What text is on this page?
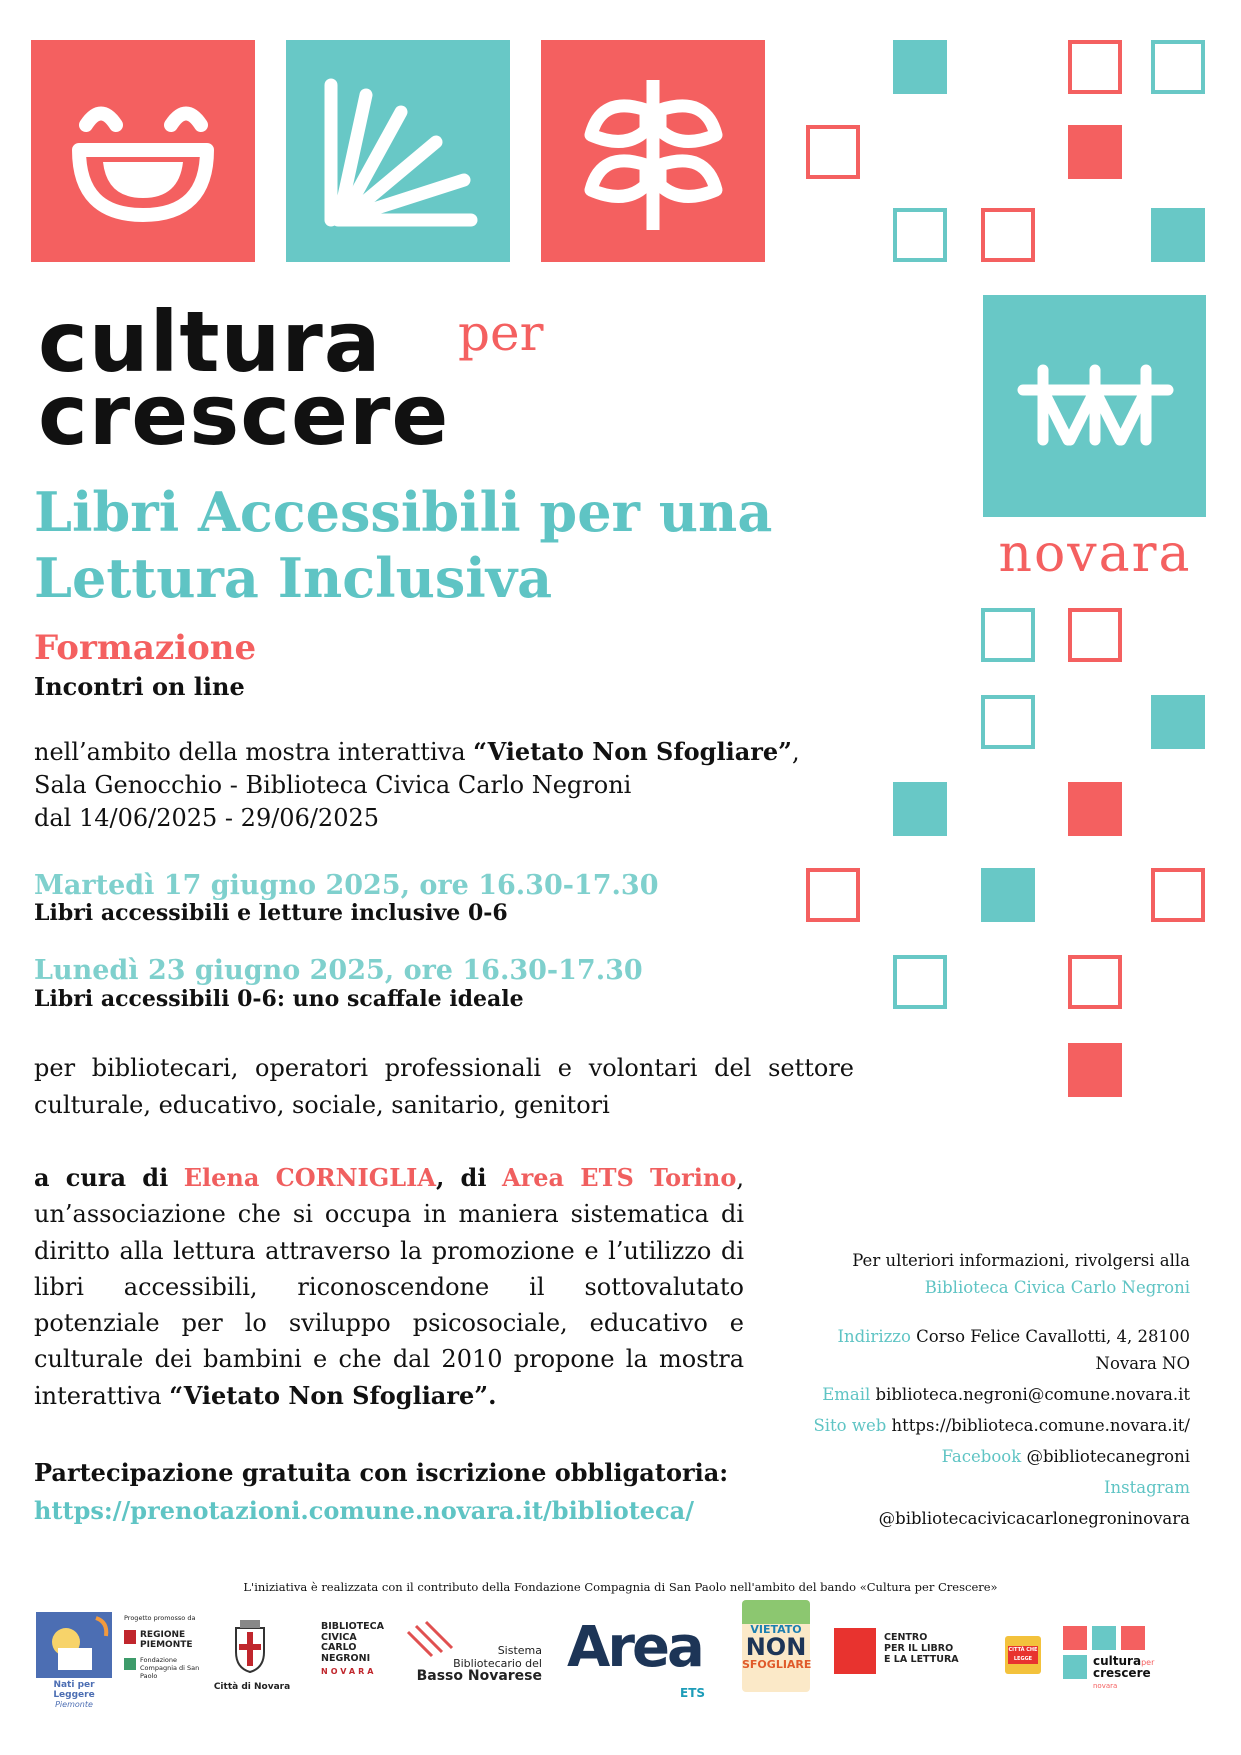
novara
cultura per
crescere
Libri Accessibili per una
Lettura Inclusiva
Formazione
Incontri on line
nell’ambito della mostra interattiva “Vietato Non Sfogliare”,
Sala Genocchio - Biblioteca Civica Carlo Negroni
dal 14/06/2025 - 29/06/2025
Martedì 17 giugno 2025, ore 16.30-17.30
Libri accessibili e letture inclusive 0-6
Lunedì 23 giugno 2025, ore 16.30-17.30
Libri accessibili 0-6: uno scaffale ideale
per bibliotecari, operatori professionali e volontari del settore culturale, educativo, sociale, sanitario, genitori
a cura di Elena CORNIGLIA, di Area ETS Torino, un’associazione che si occupa in maniera sistematica di diritto alla lettura attraverso la promozione e l’utilizzo di libri accessibili, riconoscendone il sottovalutato potenziale per lo sviluppo psicosociale, educativo e culturale dei bambini e che dal 2010 propone la mostra interattiva “Vietato Non Sfogliare”.
Partecipazione gratuita con iscrizione obbligatoria:
https://prenotazioni.comune.novara.it/biblioteca/
Per ulteriori informazioni, rivolgersi alla
Biblioteca Civica Carlo Negroni
Indirizzo Corso Felice Cavallotti, 4, 28100
Novara NO
Email biblioteca.negroni@comune.novara.it
Sito web https://biblioteca.comune.novara.it/
Facebook @bibliotecanegroni
Instagram
@bibliotecacivicacarlonegroninovara
L'iniziativa è realizzata con il contributo della Fondazione Compagnia di San Paolo nell'ambito del bando «Cultura per Crescere»
Nati per Leggere
Piemonte
Progetto promosso da
REGIONE PIEMONTE
Fondazione Compagnia di San Paolo
Città di Novara
BIBLIOTECA
CIVICA
CARLO
NEGRONI
NOVARA
Sistema
Bibliotecario del
Basso Novarese Area
ETS
VIETATO
NON
SFOGLIARE
CENTRO
PER IL LIBRO
E LA LETTURA
CITTÀ CHE LEGGE	culturaper
crescere
novara
